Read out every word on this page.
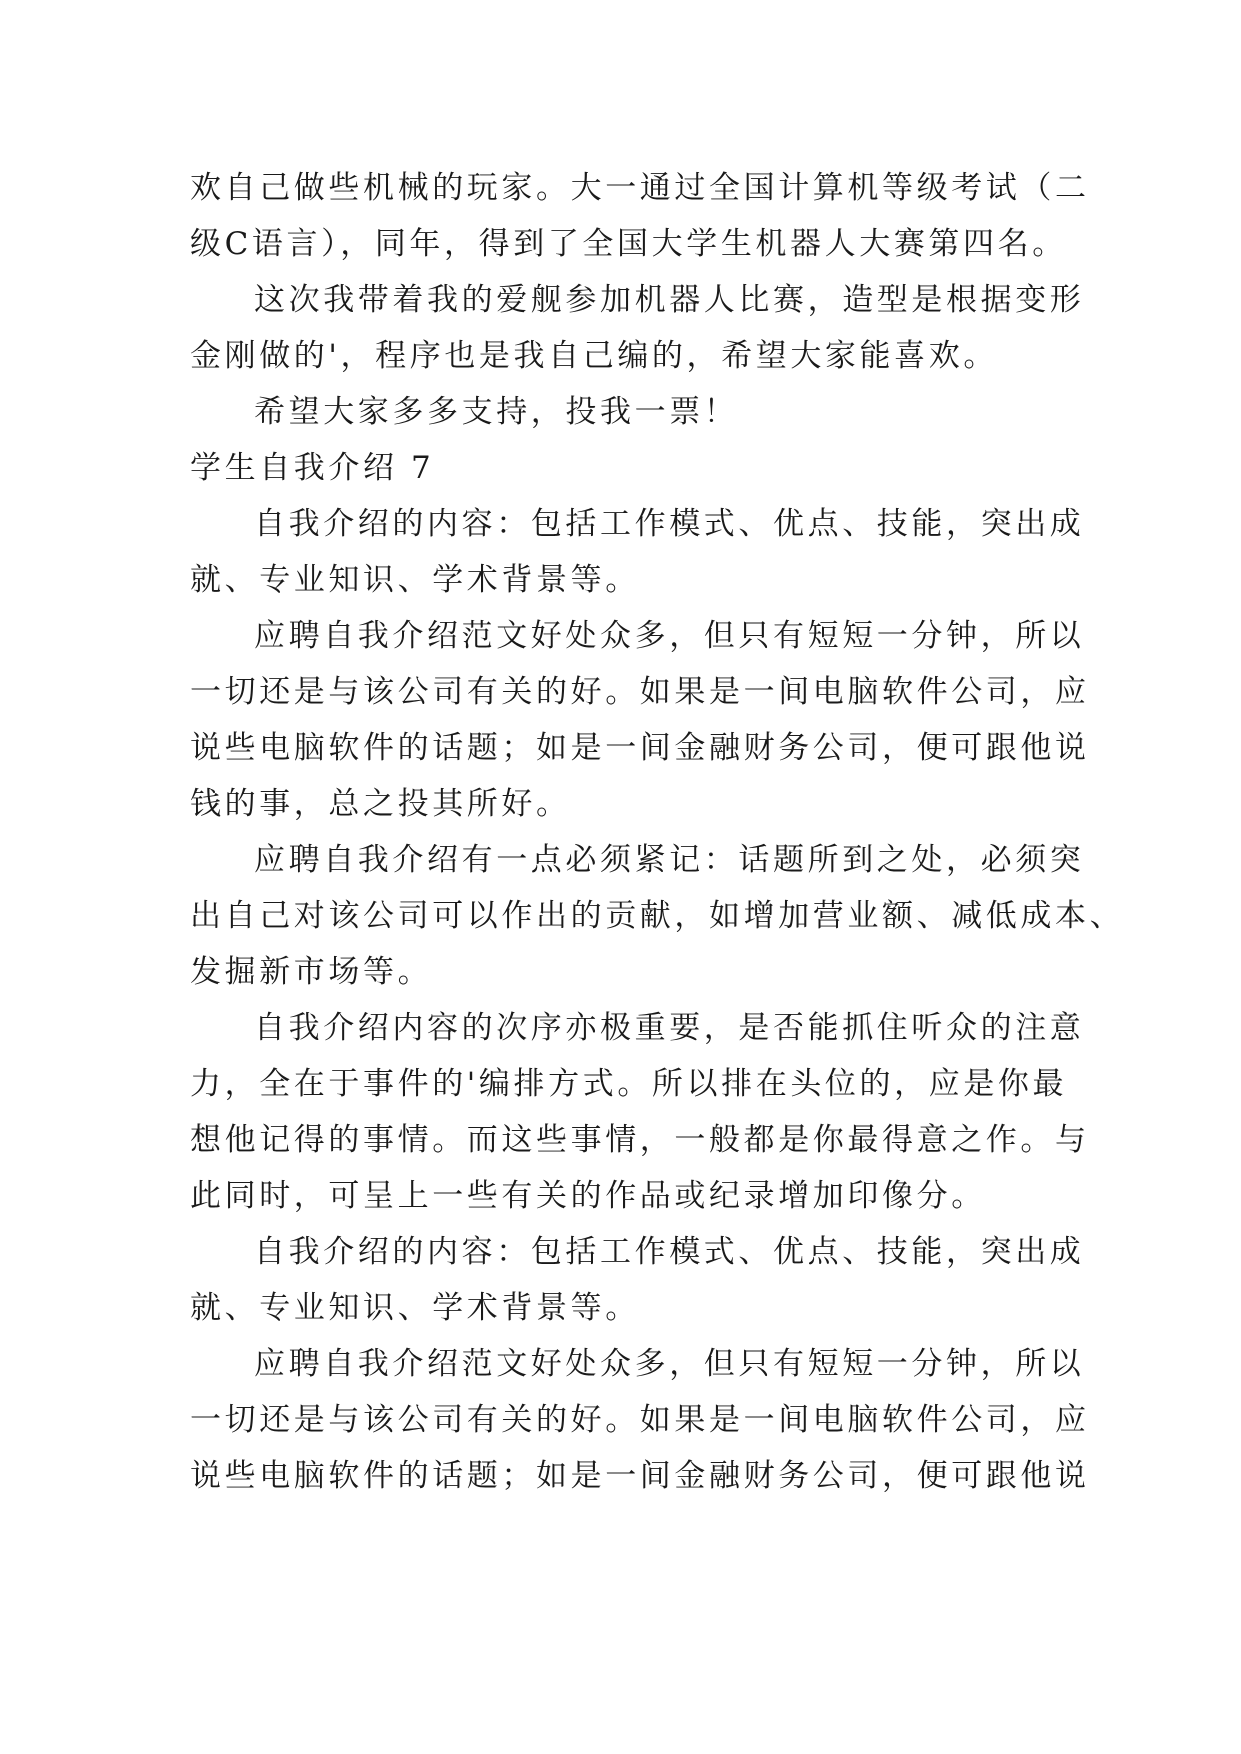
欢自己做些机械的玩家。大一通过全国计算机等级考试（二
级C语言），同年，得到了全国大学生机器人大赛第四名。
这次我带着我的爱舰参加机器人比赛，造型是根据变形
金刚做的'，程序也是我自己编的，希望大家能喜欢。
希望大家多多支持，投我一票！
学生自我介绍 7
自我介绍的内容：包括工作模式、优点、技能，突出成
就、专业知识、学术背景等。
应聘自我介绍范文好处众多，但只有短短一分钟，所以
一切还是与该公司有关的好。如果是一间电脑软件公司，应
说些电脑软件的话题；如是一间金融财务公司，便可跟他说
钱的事，总之投其所好。
应聘自我介绍有一点必须紧记：话题所到之处，必须突
出自己对该公司可以作出的贡献，如增加营业额、减低成本、
发掘新市场等。
自我介绍内容的次序亦极重要，是否能抓住听众的注意
力，全在于事件的'编排方式。所以排在头位的，应是你最
想他记得的事情。而这些事情，一般都是你最得意之作。与
此同时，可呈上一些有关的作品或纪录增加印像分。
自我介绍的内容：包括工作模式、优点、技能，突出成
就、专业知识、学术背景等。
应聘自我介绍范文好处众多，但只有短短一分钟，所以
一切还是与该公司有关的好。如果是一间电脑软件公司，应
说些电脑软件的话题；如是一间金融财务公司，便可跟他说
